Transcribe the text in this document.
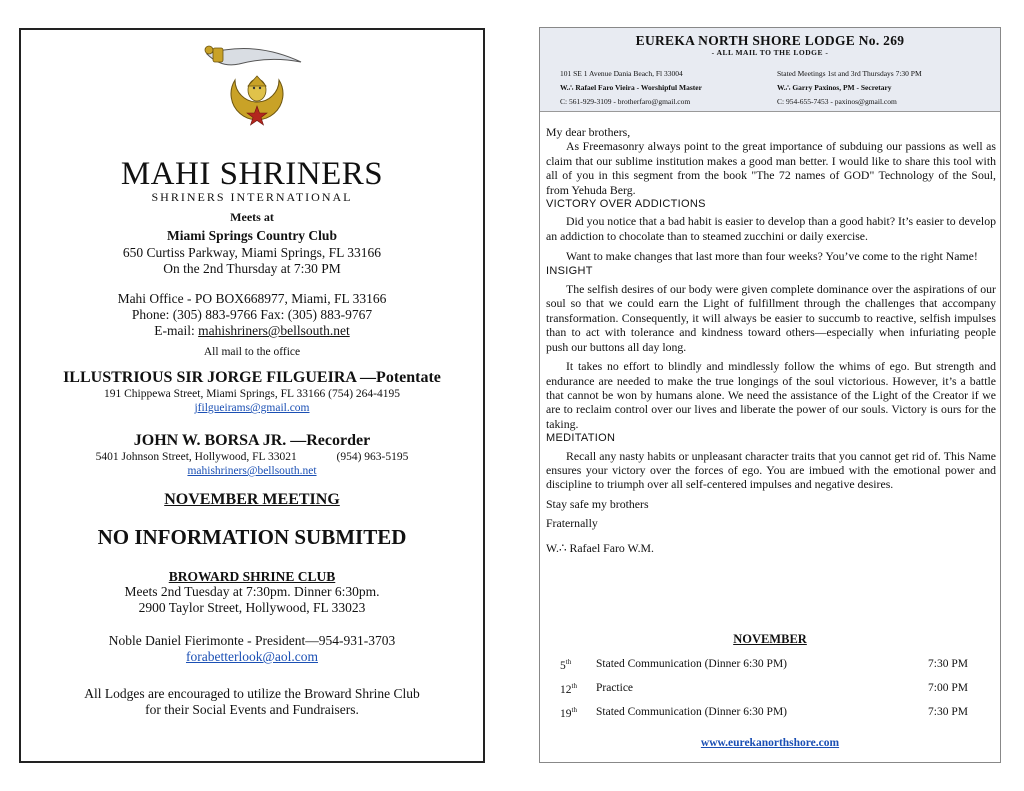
MAHI SHRINERS
SHRINERS INTERNATIONAL
Meets at
Miami Springs Country Club
650 Curtiss Parkway, Miami Springs, FL 33166
On the 2nd Thursday at 7:30 PM
Mahi Office - PO BOX668977, Miami, FL 33166
Phone: (305) 883-9766 Fax: (305) 883-9767
E-mail: mahishriners@bellsouth.net
All mail to the office
ILLUSTRIOUS SIR JORGE FILGUEIRA —Potentate
191 Chippewa Street, Miami Springs, FL 33166 (754) 264-4195
jfilgueirams@gmail.com
JOHN W. BORSA JR. —Recorder
5401 Johnson Street, Hollywood, FL 33021	(954) 963-5195
mahishriners@bellsouth.net
NOVEMBER MEETING
NO INFORMATION SUBMITED
BROWARD SHRINE CLUB
Meets 2nd Tuesday at 7:30pm. Dinner 6:30pm.
2900 Taylor Street, Hollywood, FL 33023
Noble Daniel Fierimonte - President—954-931-3703
forabetterlook@aol.com
All Lodges are encouraged to utilize the Broward Shrine Club
for their Social Events and Fundraisers.
EUREKA NORTH SHORE LODGE No. 269
- ALL MAIL TO THE LODGE -
101 SE 1 Avenue Dania Beach, Fl 33004	Stated Meetings 1st and 3rd Thursdays 7:30 PM
W.∴ Rafael Faro Vieira - Worshipful Master	W.∴ Garry Paxinos, PM - Secretary
C: 561-929-3109 - brotherfaro@gmail.com	C: 954-655-7453 - paxinos@gmail.com

My dear brothers,

As Freemasonry always point to the great importance of subduing our passions as well as claim that our sublime institution makes a good man better. I would like to share this tool with all of you in this segment from the book "The 72 names of GOD" Technology of the Soul, from Yehuda Berg.

VICTORY OVER ADDICTIONS

Did you notice that a bad habit is easier to develop than a good habit? It’s easier to develop an addiction to chocolate than to steamed zucchini or daily exercise.

Want to make changes that last more than four weeks? You’ve come to the right Name!

INSIGHT

The selfish desires of our body were given complete dominance over the aspirations of our soul so that we could earn the Light of fulfillment through the challenges that accompany transformation. Consequently, it will always be easier to succumb to reactive, selfish impulses than to act with tolerance and kindness toward others—especially when infuriating people push our buttons all day long.

It takes no effort to blindly and mindlessly follow the whims of ego. But strength and endurance are needed to make the true longings of the soul victorious. However, it’s a battle that cannot be won by humans alone. We need the assistance of the Light of the Creator if we are to reclaim control over our lives and liberate the power of our souls. Victory is ours for the taking.

MEDITATION

Recall any nasty habits or unpleasant character traits that you cannot get rid of. This Name ensures your victory over the forces of ego. You are imbued with the emotional power and discipline to triumph over all self-centered impulses and negative desires.

Stay safe my brothers

Fraternally

W.∴ Rafael Faro W.M.

NOVEMBER
5th	Stated Communication (Dinner 6:30 PM)	7:30 PM
12th	Practice	7:00 PM
19th	Stated Communication (Dinner 6:30 PM)	7:30 PM
www.eurekanorthshore.com
